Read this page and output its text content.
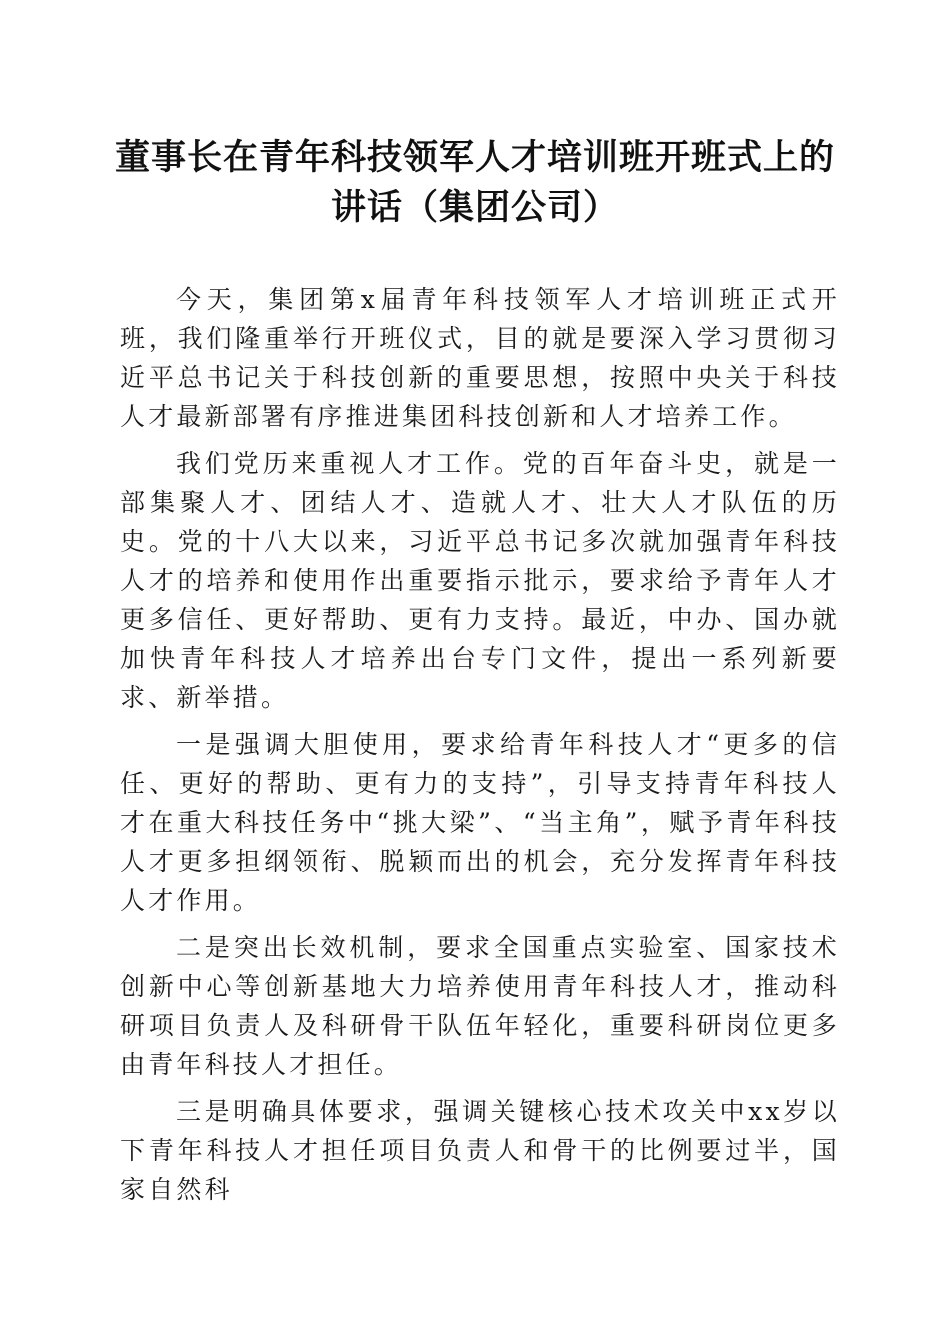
董事长在青年科技领军人才培训班开班式上的
讲话（集团公司）

今天，集团第x届青年科技领军人才培训班正式开班，我们隆重举行开班仪式，目的就是要深入学习贯彻习近平总书记关于科技创新的重要思想，按照中央关于科技人才最新部署有序推进集团科技创新和人才培养工作。

我们党历来重视人才工作。党的百年奋斗史，就是一部集聚人才、团结人才、造就人才、壮大人才队伍的历史。党的十八大以来，习近平总书记多次就加强青年科技人才的培养和使用作出重要指示批示，要求给予青年人才更多信任、更好帮助、更有力支持。最近，中办、国办就加快青年科技人才培养出台专门文件，提出一系列新要求、新举措。

一是强调大胆使用，要求给青年科技人才“更多的信任、更好的帮助、更有力的支持”，引导支持青年科技人才在重大科技任务中“挑大梁”、“当主角”，赋予青年科技人才更多担纲领衔、脱颖而出的机会，充分发挥青年科技人才作用。

二是突出长效机制，要求全国重点实验室、国家技术创新中心等创新基地大力培养使用青年科技人才，推动科研项目负责人及科研骨干队伍年轻化，重要科研岗位更多由青年科技人才担任。

三是明确具体要求，强调关键核心技术攻关中xx岁以下青年科技人才担任项目负责人和骨干的比例要过半，国家自然科
